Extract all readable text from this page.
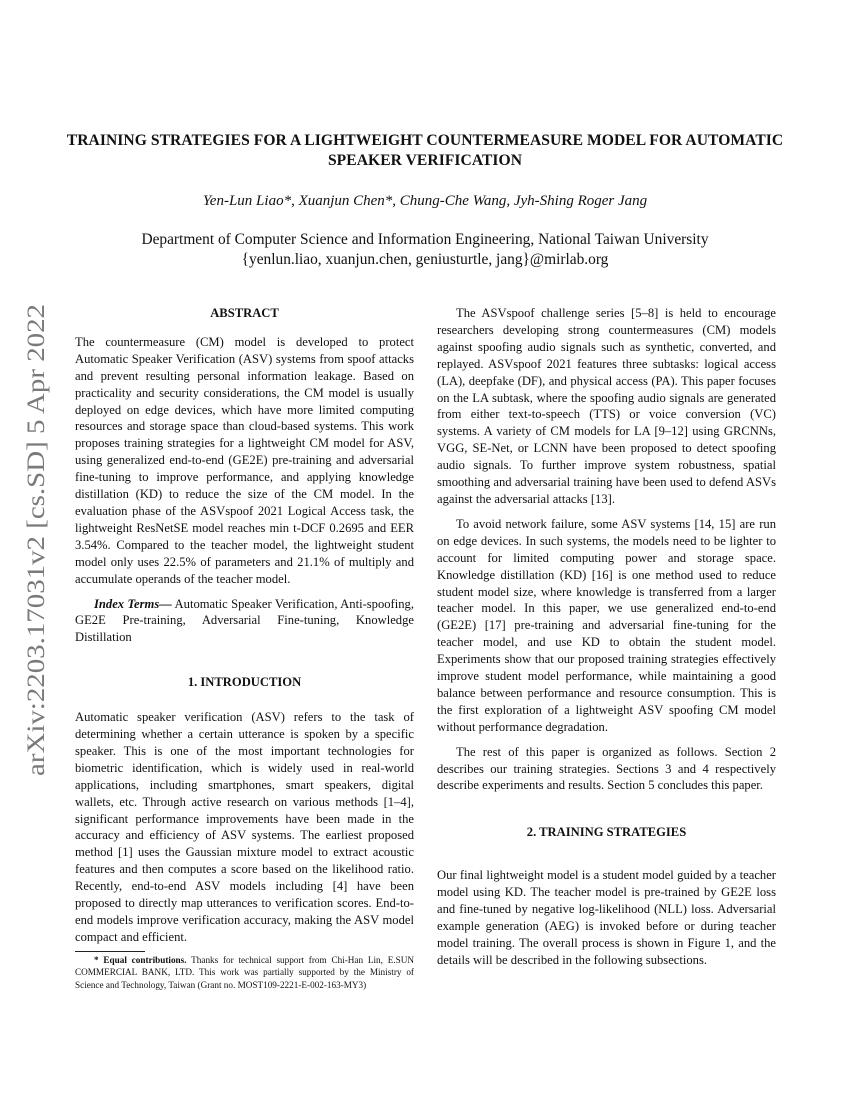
arXiv:2203.17031v2 [cs.SD] 5 Apr 2022
TRAINING STRATEGIES FOR A LIGHTWEIGHT COUNTERMEASURE MODEL FOR AUTOMATIC SPEAKER VERIFICATION
Yen-Lun Liao*, Xuanjun Chen*, Chung-Che Wang, Jyh-Shing Roger Jang
Department of Computer Science and Information Engineering, National Taiwan University
{yenlun.liao, xuanjun.chen, geniusturtle, jang}@mirlab.org
ABSTRACT

The countermeasure (CM) model is developed to protect Automatic Speaker Verification (ASV) systems from spoof attacks and prevent resulting personal information leakage. Based on practicality and security considerations, the CM model is usually deployed on edge devices, which have more limited computing resources and storage space than cloud-based systems. This work proposes training strategies for a lightweight CM model for ASV, using generalized end-to-end (GE2E) pre-training and adversarial fine-tuning to improve performance, and applying knowledge distillation (KD) to reduce the size of the CM model. In the evaluation phase of the ASVspoof 2021 Logical Access task, the lightweight ResNetSE model reaches min t-DCF 0.2695 and EER 3.54%. Compared to the teacher model, the lightweight student model only uses 22.5% of parameters and 21.1% of multiply and accumulate operands of the teacher model.

Index Terms— Automatic Speaker Verification, Anti-spoofing, GE2E Pre-training, Adversarial Fine-tuning, Knowledge Distillation

1. INTRODUCTION

Automatic speaker verification (ASV) refers to the task of determining whether a certain utterance is spoken by a specific speaker. This is one of the most important technologies for biometric identification, which is widely used in real-world applications, including smartphones, smart speakers, digital wallets, etc. Through active research on various methods [1–4], significant performance improvements have been made in the accuracy and efficiency of ASV systems. The earliest proposed method [1] uses the Gaussian mixture model to extract acoustic features and then computes a score based on the likelihood ratio. Recently, end-to-end ASV models including [4] have been proposed to directly map utterances to verification scores. End-to-end models improve verification accuracy, making the ASV model compact and efficient.

* Equal contributions. Thanks for technical support from Chi-Han Lin, E.SUN COMMERCIAL BANK, LTD. This work was partially supported by the Ministry of Science and Technology, Taiwan (Grant no. MOST109-2221-E-002-163-MY3)

The ASVspoof challenge series [5–8] is held to encourage researchers developing strong countermeasures (CM) models against spoofing audio signals such as synthetic, converted, and replayed. ASVspoof 2021 features three subtasks: logical access (LA), deepfake (DF), and physical access (PA). This paper focuses on the LA subtask, where the spoofing audio signals are generated from either text-to-speech (TTS) or voice conversion (VC) systems. A variety of CM models for LA [9–12] using GRCNNs, VGG, SE-Net, or LCNN have been proposed to detect spoofing audio signals. To further improve system robustness, spatial smoothing and adversarial training have been used to defend ASVs against the adversarial attacks [13].

To avoid network failure, some ASV systems [14, 15] are run on edge devices. In such systems, the models need to be lighter to account for limited computing power and storage space. Knowledge distillation (KD) [16] is one method used to reduce student model size, where knowledge is transferred from a larger teacher model. In this paper, we use generalized end-to-end (GE2E) [17] pre-training and adversarial fine-tuning for the teacher model, and use KD to obtain the student model. Experiments show that our proposed training strategies effectively improve student model performance, while maintaining a good balance between performance and resource consumption. This is the first exploration of a lightweight ASV spoofing CM model without performance degradation.

The rest of this paper is organized as follows. Section 2 describes our training strategies. Sections 3 and 4 respectively describe experiments and results. Section 5 concludes this paper.

2. TRAINING STRATEGIES

Our final lightweight model is a student model guided by a teacher model using KD. The teacher model is pre-trained by GE2E loss and fine-tuned by negative log-likelihood (NLL) loss. Adversarial example generation (AEG) is invoked before or during teacher model training. The overall process is shown in Figure 1, and the details will be described in the following subsections.
